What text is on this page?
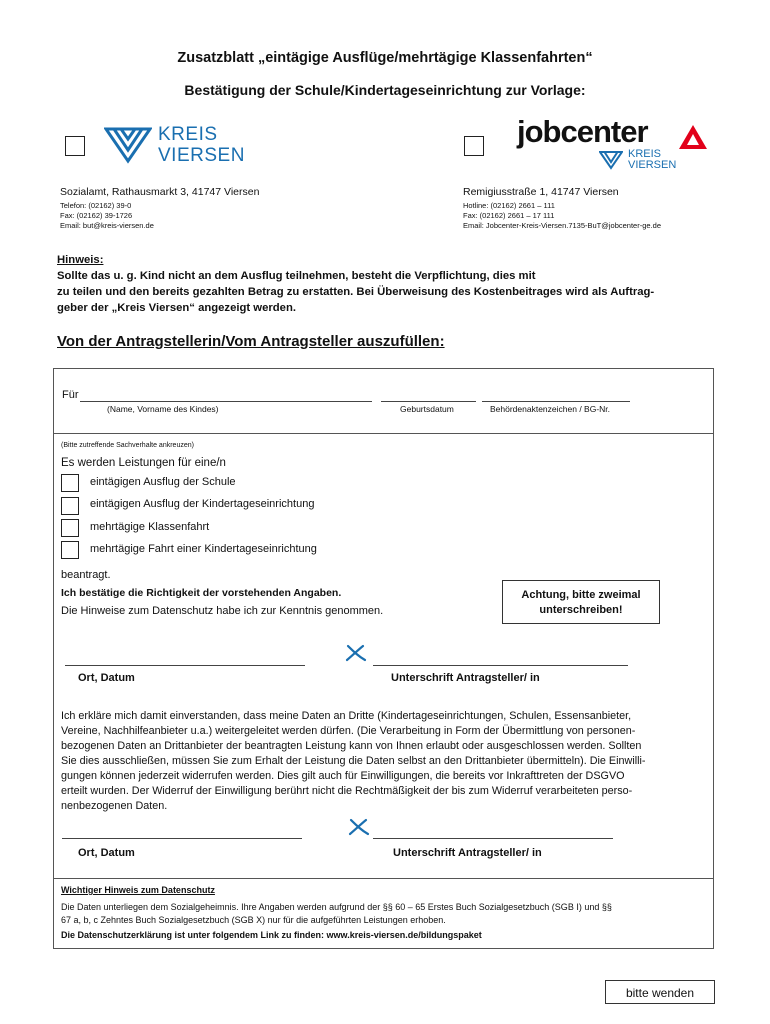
Zusatzblatt „eintägige Ausflüge/mehrtägige Klassenfahrten“
Bestätigung der Schule/Kindertageseinrichtung zur Vorlage:
KREIS
VIERSEN
jobcenter
KREIS
VIERSEN
Sozialamt, Rathausmarkt 3, 41747 Viersen
Telefon: (02162) 39-0
Fax: (02162) 39-1726
Email: but@kreis-viersen.de
Remigiusstraße 1, 41747 Viersen
Hotline: (02162) 2661 – 111
Fax: (02162) 2661 – 17 111
Email: Jobcenter-Kreis-Viersen.7135-BuT@jobcenter-ge.de
Hinweis:
Sollte das u. g. Kind nicht an dem Ausflug teilnehmen, besteht die Verpflichtung, dies mit
zu teilen und den bereits gezahlten Betrag zu erstatten. Bei Überweisung des Kostenbeitrages wird als Auftrag-
geber der „Kreis Viersen“ angezeigt werden.
Von der Antragstellerin/Vom Antragsteller auszufüllen:
Für
(Name, Vorname des Kindes)	Geburtsdatum	Behördenaktenzeichen / BG-Nr.
(Bitte zutreffende Sachverhalte ankreuzen)
Es werden Leistungen für eine/n
eintägigen Ausflug der Schule
eintägigen Ausflug der Kindertageseinrichtung
mehrtägige Klassenfahrt
mehrtägige Fahrt einer Kindertageseinrichtung
beantragt.
Ich bestätige die Richtigkeit der vorstehenden Angaben.
Die Hinweise zum Datenschutz habe ich zur Kenntnis genommen.
Achtung, bitte zweimal
unterschreiben!
Ort, Datum	Unterschrift Antragsteller/ in
Ich erkläre mich damit einverstanden, dass meine Daten an Dritte (Kindertageseinrichtungen, Schulen, Essensanbieter,
Vereine, Nachhilfeanbieter u.a.) weitergeleitet werden dürfen. (Die Verarbeitung in Form der Übermittlung von personen-
bezogenen Daten an Drittanbieter der beantragten Leistung kann von Ihnen erlaubt oder ausgeschlossen werden. Sollten
Sie dies ausschließen, müssen Sie zum Erhalt der Leistung die Daten selbst an den Drittanbieter übermitteln). Die Einwilli-
gungen können jederzeit widerrufen werden. Dies gilt auch für Einwilligungen, die bereits vor Inkrafttreten der DSGVO
erteilt wurden. Der Widerruf der Einwilligung berührt nicht die Rechtmäßigkeit der bis zum Widerruf verarbeiteten perso-
nenbezogenen Daten.
Ort, Datum	Unterschrift Antragsteller/ in
Wichtiger Hinweis zum Datenschutz
Die Daten unterliegen dem Sozialgeheimnis. Ihre Angaben werden aufgrund der §§ 60 – 65 Erstes Buch Sozialgesetzbuch (SGB I) und §§
67 a, b, c Zehntes Buch Sozialgesetzbuch (SGB X) nur für die aufgeführten Leistungen erhoben.
Die Datenschutzerklärung ist unter folgendem Link zu finden: www.kreis-viersen.de/bildungspaket
bitte wenden
